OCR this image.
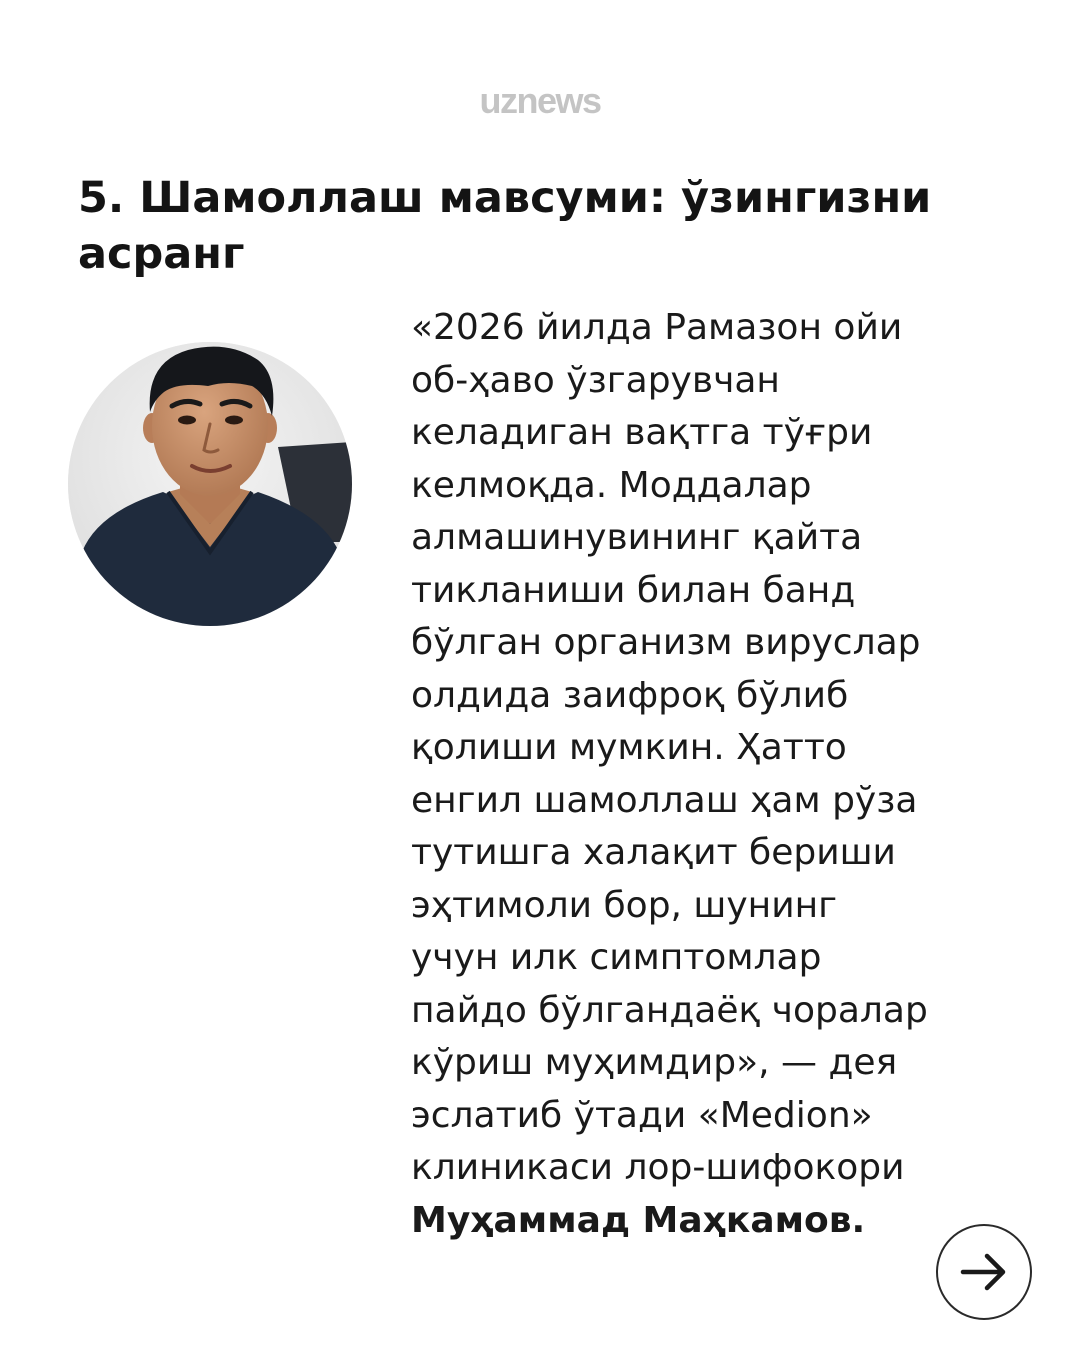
uznews
5. Шамоллаш мавсуми: ўзингизни асранг
«2026 йилда Рамазон ойи
об-ҳаво ўзгарувчан
келадиган вақтга тўғри
келмоқда. Моддалар
алмашинувининг қайта
тикланиши билан банд
бўлган организм вируслар
олдида заифроқ бўлиб
қолиши мумкин. Ҳатто
енгил шамоллаш ҳам рўза
тутишга халақит бериши
эҳтимоли бор, шунинг
учун илк симптомлар
пайдо бўлгандаёқ чоралар
кўриш муҳимдир», — дея
эслатиб ўтади «Medion»
клиникаси лор-шифокори
Муҳаммад Маҳкамов.
